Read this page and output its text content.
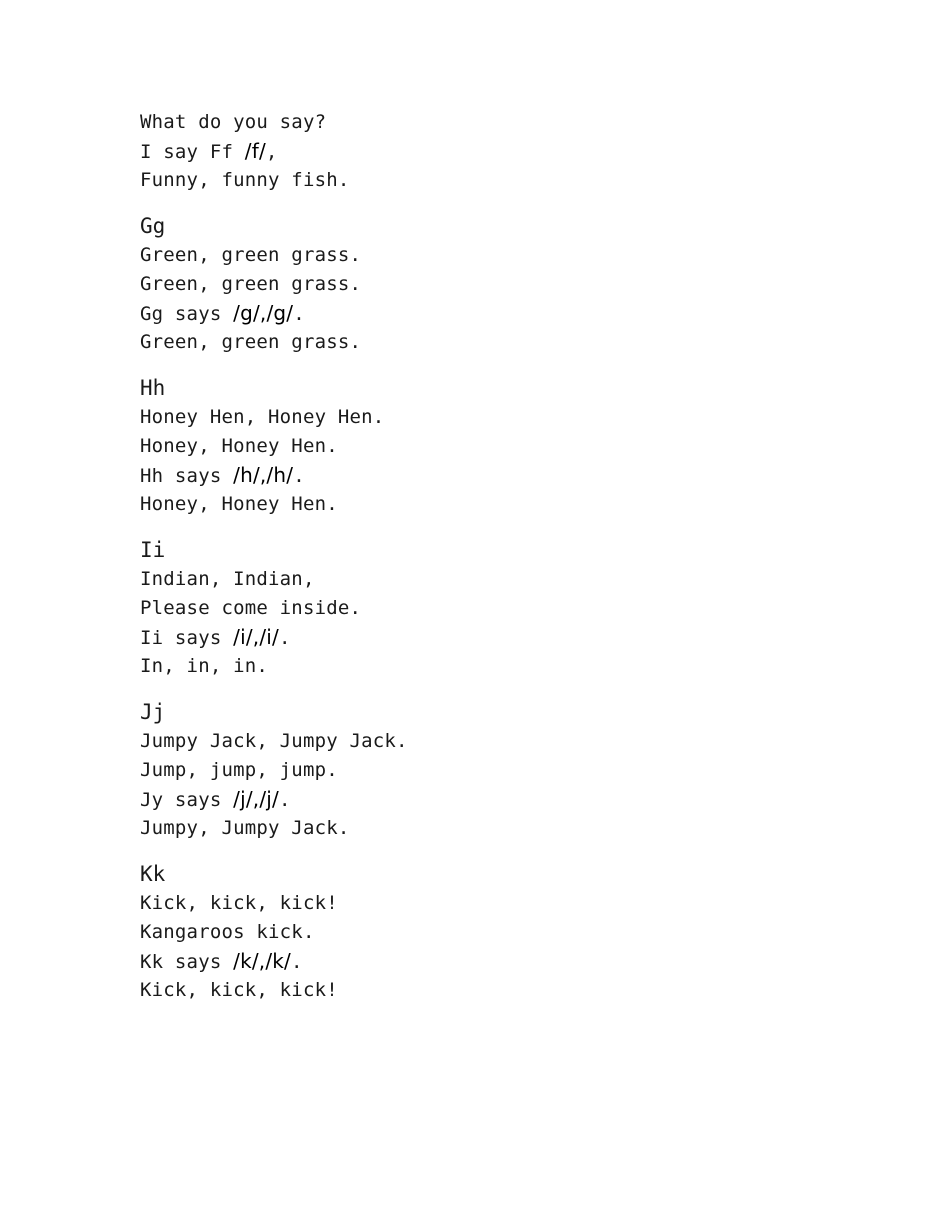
What do you say?
I say Ff /f/,
Funny, funny fish.
Gg
Green, green grass.
Green, green grass.
Gg says /g/,/g/.
Green, green grass.
Hh
Honey Hen, Honey Hen.
Honey, Honey Hen.
Hh says /h/,/h/.
Honey, Honey Hen.
Ii
Indian, Indian,
Please come inside.
Ii says /i/,/i/.
In, in, in.
Jj
Jumpy Jack, Jumpy Jack.
Jump, jump, jump.
Jy says /j/,/j/.
Jumpy, Jumpy Jack.
Kk
Kick, kick, kick!
Kangaroos kick.
Kk says /k/,/k/.
Kick, kick, kick!
